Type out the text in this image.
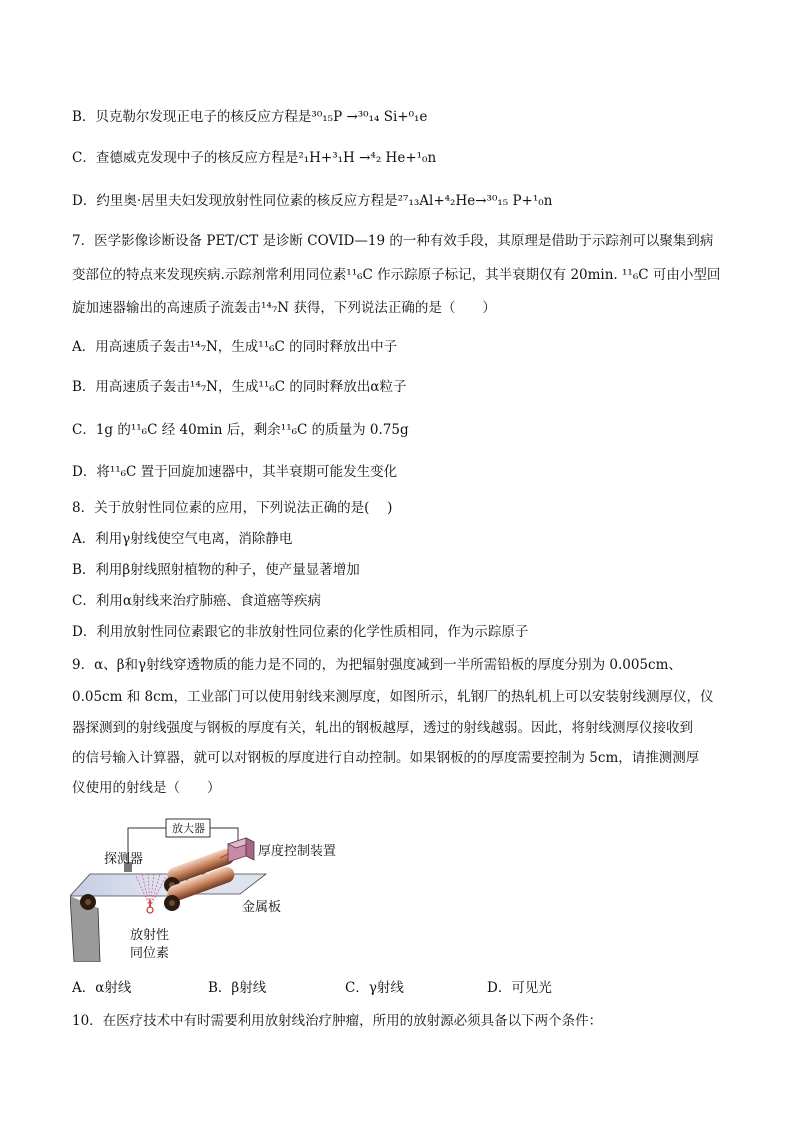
B．贝克勒尔发现正电子的核反应方程是³⁰₁₅P →³⁰₁₄ Si+⁰₁e
C．查德威克发现中子的核反应方程是²₁H+³₁H →⁴₂ He+¹₀n
D．约里奥·居里夫妇发现放射性同位素的核反应方程是²⁷₁₃Al+⁴₂He→³⁰₁₅ P+¹₀n
7．医学影像诊断设备 PET/CT 是诊断 COVID—19 的一种有效手段，其原理是借助于示踪剂可以聚集到病
变部位的特点来发现疾病.示踪剂常利用同位素¹¹₆C 作示踪原子标记，其半衰期仅有 20min. ¹¹₆C 可由小型回
旋加速器输出的高速质子流轰击¹⁴₇N 获得，下列说法正确的是（　　）
A．用高速质子轰击¹⁴₇N，生成¹¹₆C 的同时释放出中子
B．用高速质子轰击¹⁴₇N，生成¹¹₆C 的同时释放出α粒子
C．1g 的¹¹₆C 经 40min 后，剩余¹¹₆C 的质量为 0.75g
D．将¹¹₆C 置于回旋加速器中，其半衰期可能发生变化
8．关于放射性同位素的应用，下列说法正确的是(　 )
A．利用γ射线使空气电离，消除静电
B．利用β射线照射植物的种子，使产量显著增加
C．利用α射线来治疗肺癌、食道癌等疾病
D．利用放射性同位素跟它的非放射性同位素的化学性质相同，作为示踪原子
9．α、β和γ射线穿透物质的能力是不同的，为把辐射强度减到一半所需铅板的厚度分别为 0.005cm、
0.05cm 和 8cm，工业部门可以使用射线来测厚度，如图所示，轧钢厂的热轧机上可以安装射线测厚仪，仪
器探测到的射线强度与钢板的厚度有关，轧出的钢板越厚，透过的射线越弱。因此，将射线测厚仪接收到
的信号输入计算器，就可以对钢板的厚度进行自动控制。如果钢板的的厚度需要控制为 5cm，请推测测厚
仪使用的射线是（　　）
放大器
探测器
厚度控制装置
金属板
放射性
同位素
A．α射线	B．β射线	C．γ射线	D．可见光
10．在医疗技术中有时需要利用放射线治疗肿瘤，所用的放射源必须具备以下两个条件：
